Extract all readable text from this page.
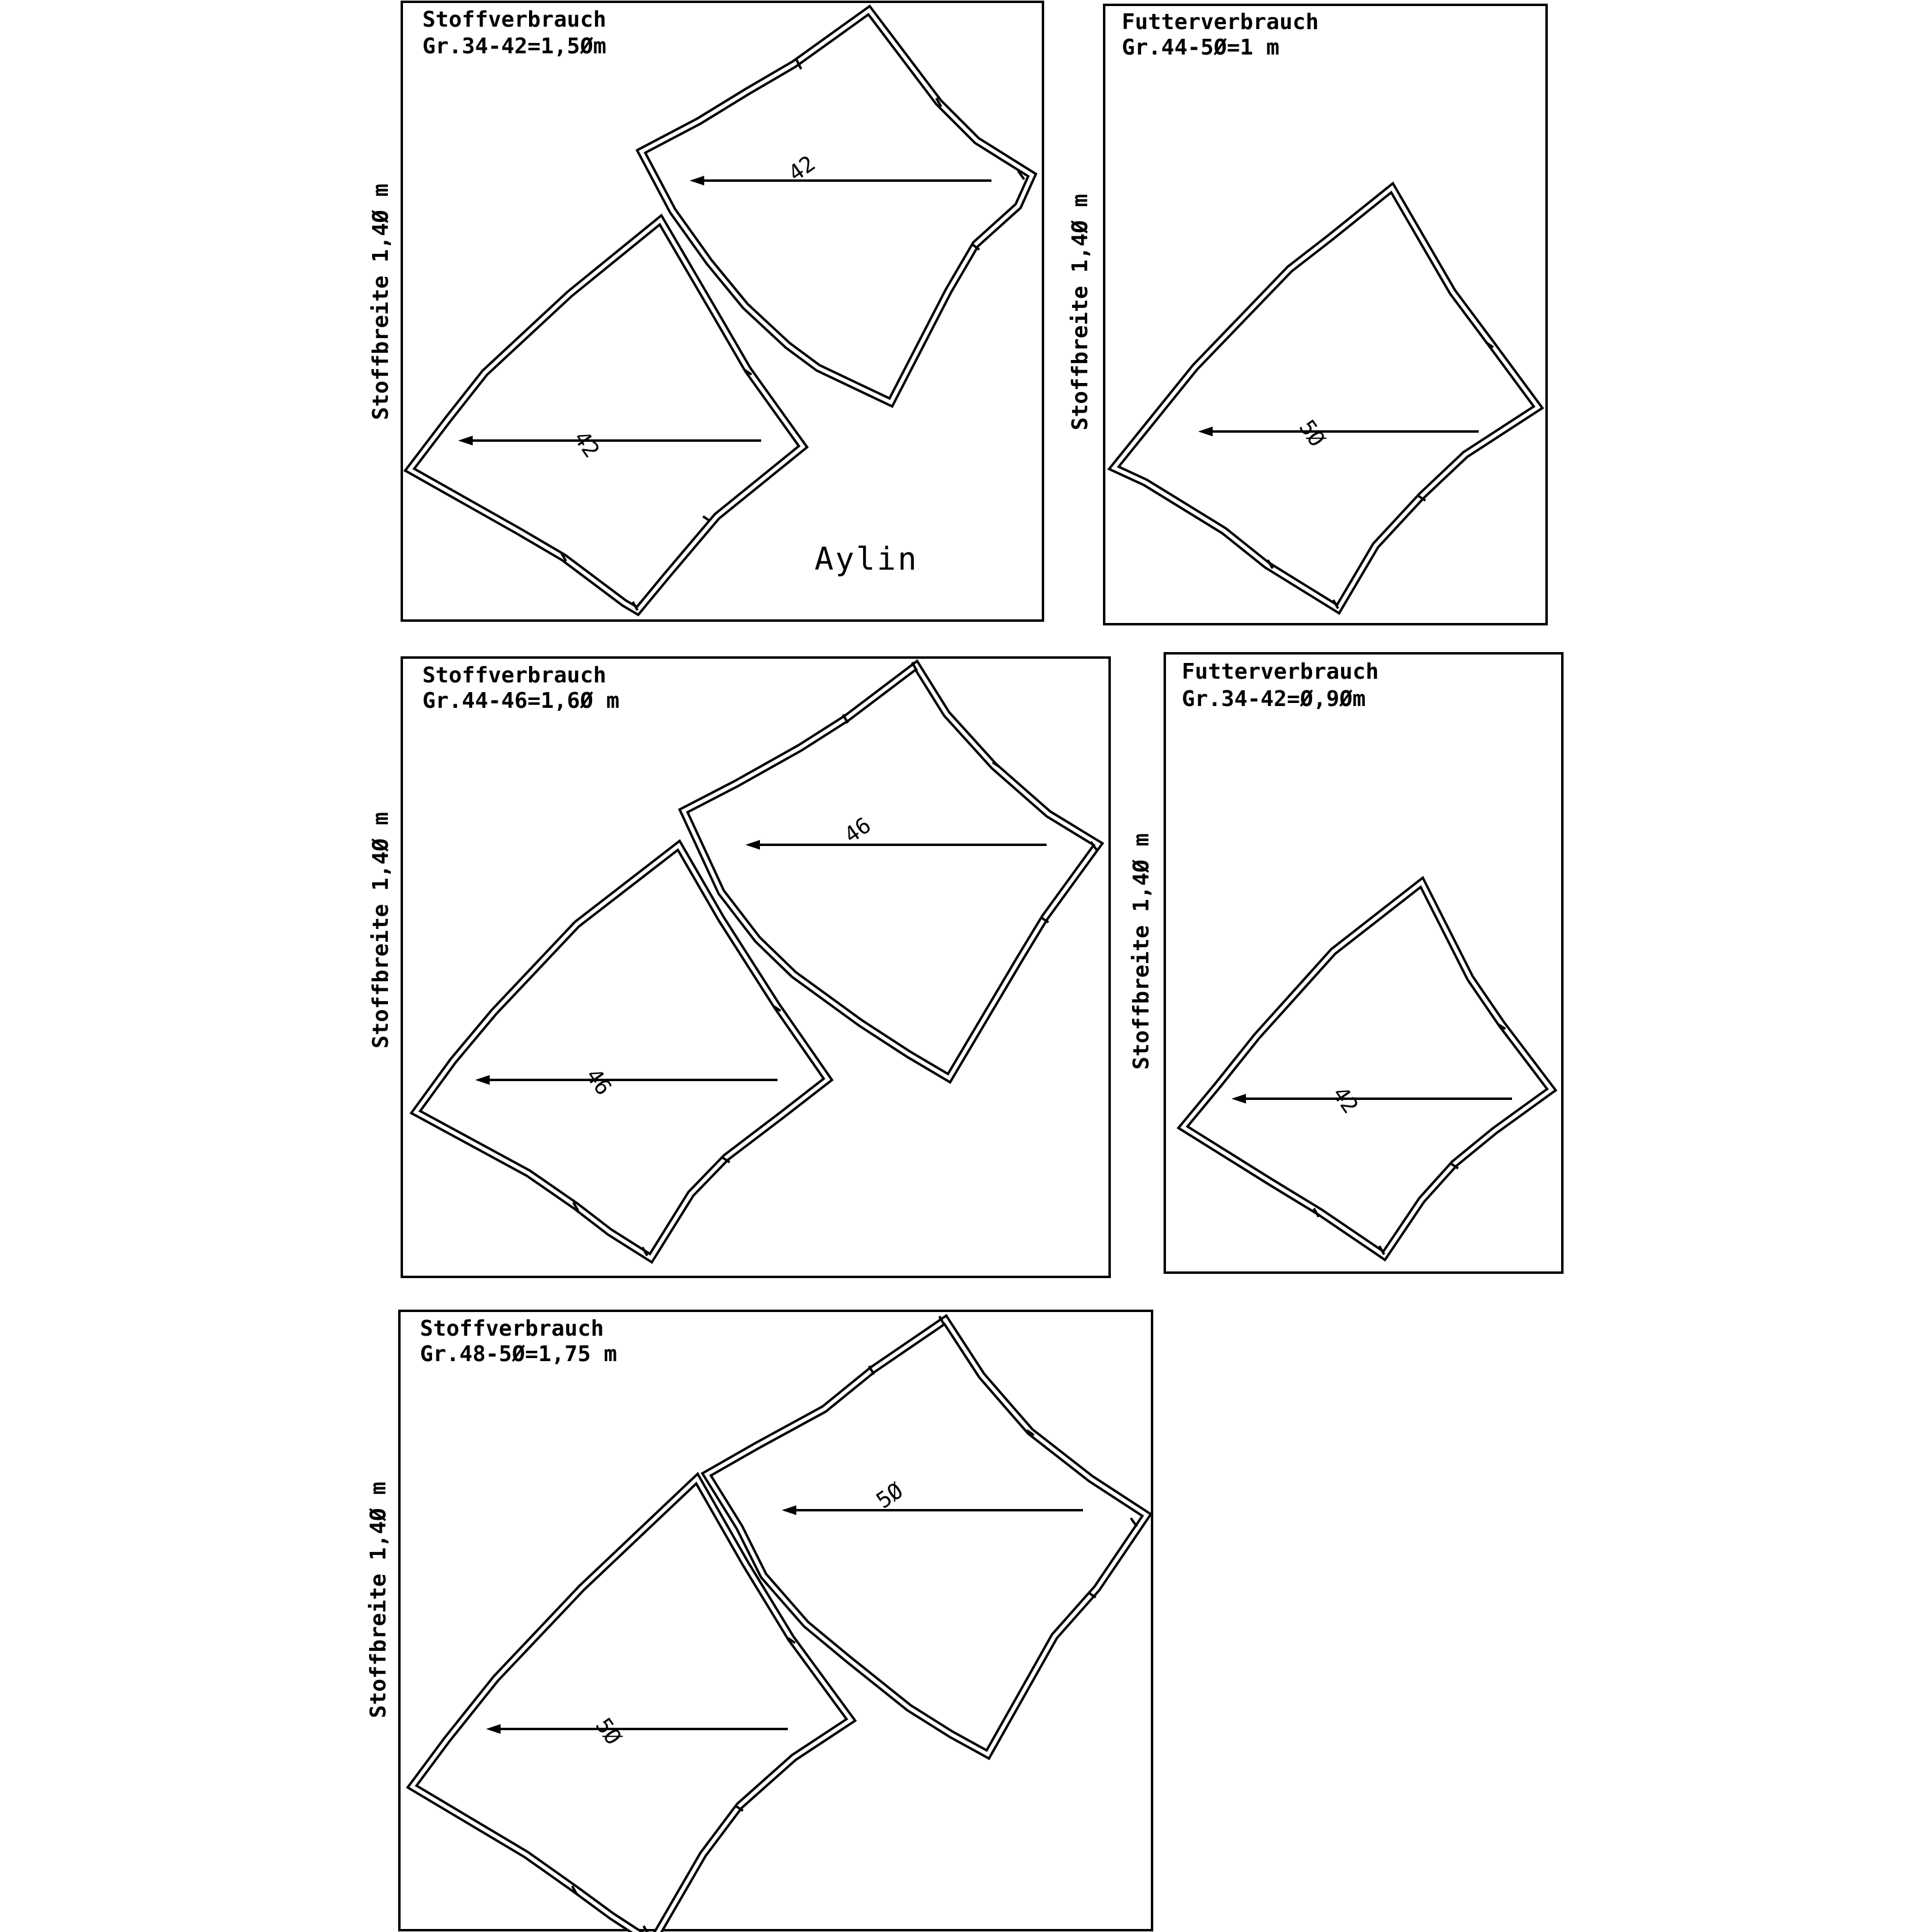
Stoffverbrauch
Gr.34-42=1,5Øm
Stoffbreite 1,4Ø m
42
42
Aylin
Futterverbrauch
Gr.44-5Ø=1 m
Stoffbreite 1,4Ø m
5Ø
Stoffverbrauch
Gr.44-46=1,6Ø m
Stoffbreite 1,4Ø m	46
46
Futterverbrauch
Gr.34-42=Ø,9Øm
Stoffbreite 1,4Ø m
42
Stoffverbrauch
Gr.48-5Ø=1,75 m
Stoffbreite 1,4Ø m	5Ø
5Ø
